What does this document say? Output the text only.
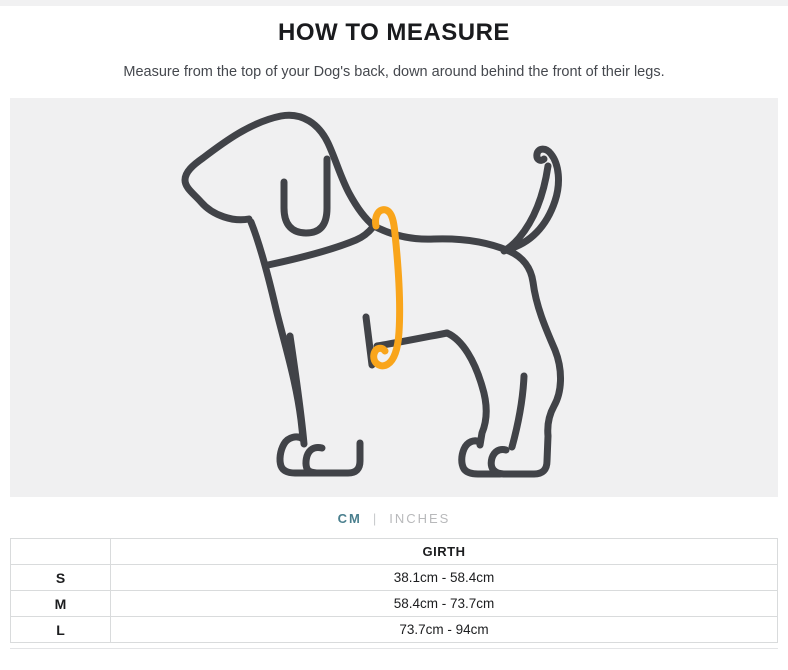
HOW TO MEASURE

Measure from the top of your Dog's back, down around behind the front of their legs.

CM | INCHES
	GIRTH
S	38.1cm - 58.4cm
M	58.4cm - 73.7cm
L	73.7cm - 94cm
